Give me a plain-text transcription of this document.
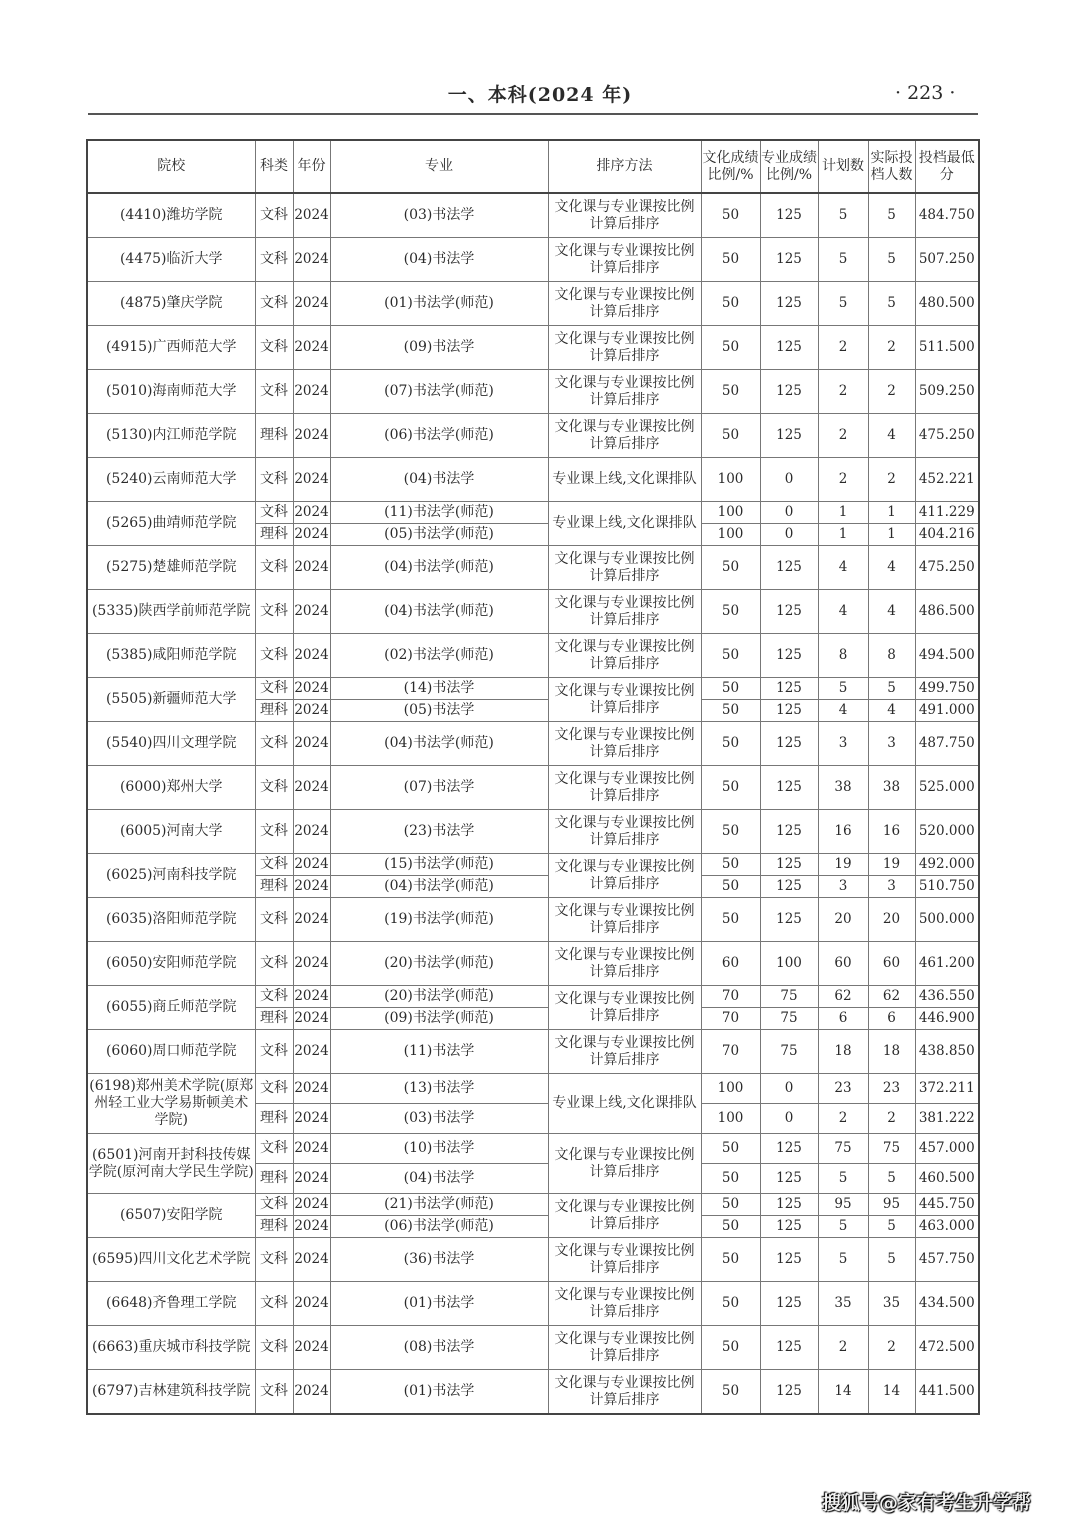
一、本科(2024 年)	· 223 ·
院校	科类	年份	专业	排序方法	文化成绩比例/%	专业成绩比例/%	计划数	实际投档人数	投档最低分
(4410)潍坊学院	文科	2024	(03)书法学	文化课与专业课按比例计算后排序	50	125	5	5	484.750
(4475)临沂大学	文科	2024	(04)书法学	文化课与专业课按比例计算后排序	50	125	5	5	507.250
(4875)肇庆学院	文科	2024	(01)书法学(师范)	文化课与专业课按比例计算后排序	50	125	5	5	480.500
(4915)广西师范大学	文科	2024	(09)书法学	文化课与专业课按比例计算后排序	50	125	2	2	511.500
(5010)海南师范大学	文科	2024	(07)书法学(师范)	文化课与专业课按比例计算后排序	50	125	2	2	509.250
(5130)内江师范学院	理科	2024	(06)书法学(师范)	文化课与专业课按比例计算后排序	50	125	2	4	475.250
(5240)云南师范大学	文科	2024	(04)书法学	专业课上线,文化课排队	100	0	2	2	452.221
(5265)曲靖师范学院	文科	2024	(11)书法学(师范)	专业课上线,文化课排队	100	0	1	1	411.229
	理科	2024	(05)书法学(师范)		100	0	1	1	404.216
(5275)楚雄师范学院	文科	2024	(04)书法学(师范)	文化课与专业课按比例计算后排序	50	125	4	4	475.250
(5335)陕西学前师范学院	文科	2024	(04)书法学(师范)	文化课与专业课按比例计算后排序	50	125	4	4	486.500
(5385)咸阳师范学院	文科	2024	(02)书法学(师范)	文化课与专业课按比例计算后排序	50	125	8	8	494.500
(5505)新疆师范大学	文科	2024	(14)书法学	文化课与专业课按比例计算后排序	50	125	5	5	499.750
	理科	2024	(05)书法学		50	125	4	4	491.000
(5540)四川文理学院	文科	2024	(04)书法学(师范)	文化课与专业课按比例计算后排序	50	125	3	3	487.750
(6000)郑州大学	文科	2024	(07)书法学	文化课与专业课按比例计算后排序	50	125	38	38	525.000
(6005)河南大学	文科	2024	(23)书法学	文化课与专业课按比例计算后排序	50	125	16	16	520.000
(6025)河南科技学院	文科	2024	(15)书法学(师范)	文化课与专业课按比例计算后排序	50	125	19	19	492.000
	理科	2024	(04)书法学(师范)		50	125	3	3	510.750
(6035)洛阳师范学院	文科	2024	(19)书法学(师范)	文化课与专业课按比例计算后排序	50	125	20	20	500.000
(6050)安阳师范学院	文科	2024	(20)书法学(师范)	文化课与专业课按比例计算后排序	60	100	60	60	461.200
(6055)商丘师范学院	文科	2024	(20)书法学(师范)	文化课与专业课按比例计算后排序	70	75	62	62	436.550
	理科	2024	(09)书法学(师范)		70	75	6	6	446.900
(6060)周口师范学院	文科	2024	(11)书法学	文化课与专业课按比例计算后排序	70	75	18	18	438.850
(6198)郑州美术学院(原郑州轻工业大学易斯顿美术学院)	文科	2024	(13)书法学	专业课上线,文化课排队	100	0	23	23	372.211
	理科	2024	(03)书法学		100	0	2	2	381.222
(6501)河南开封科技传媒学院(原河南大学民生学院)	文科	2024	(10)书法学	文化课与专业课按比例计算后排序	50	125	75	75	457.000
	理科	2024	(04)书法学		50	125	5	5	460.500
(6507)安阳学院	文科	2024	(21)书法学(师范)	文化课与专业课按比例计算后排序	50	125	95	95	445.750
	理科	2024	(06)书法学(师范)		50	125	5	5	463.000
(6595)四川文化艺术学院	文科	2024	(36)书法学	文化课与专业课按比例计算后排序	50	125	5	5	457.750
(6648)齐鲁理工学院	文科	2024	(01)书法学	文化课与专业课按比例计算后排序	50	125	35	35	434.500
(6663)重庆城市科技学院	文科	2024	(08)书法学	文化课与专业课按比例计算后排序	50	125	2	2	472.500
(6797)吉林建筑科技学院	文科	2024	(01)书法学	文化课与专业课按比例计算后排序	50	125	14	14	441.500
搜狐号@家有考生升学帮
